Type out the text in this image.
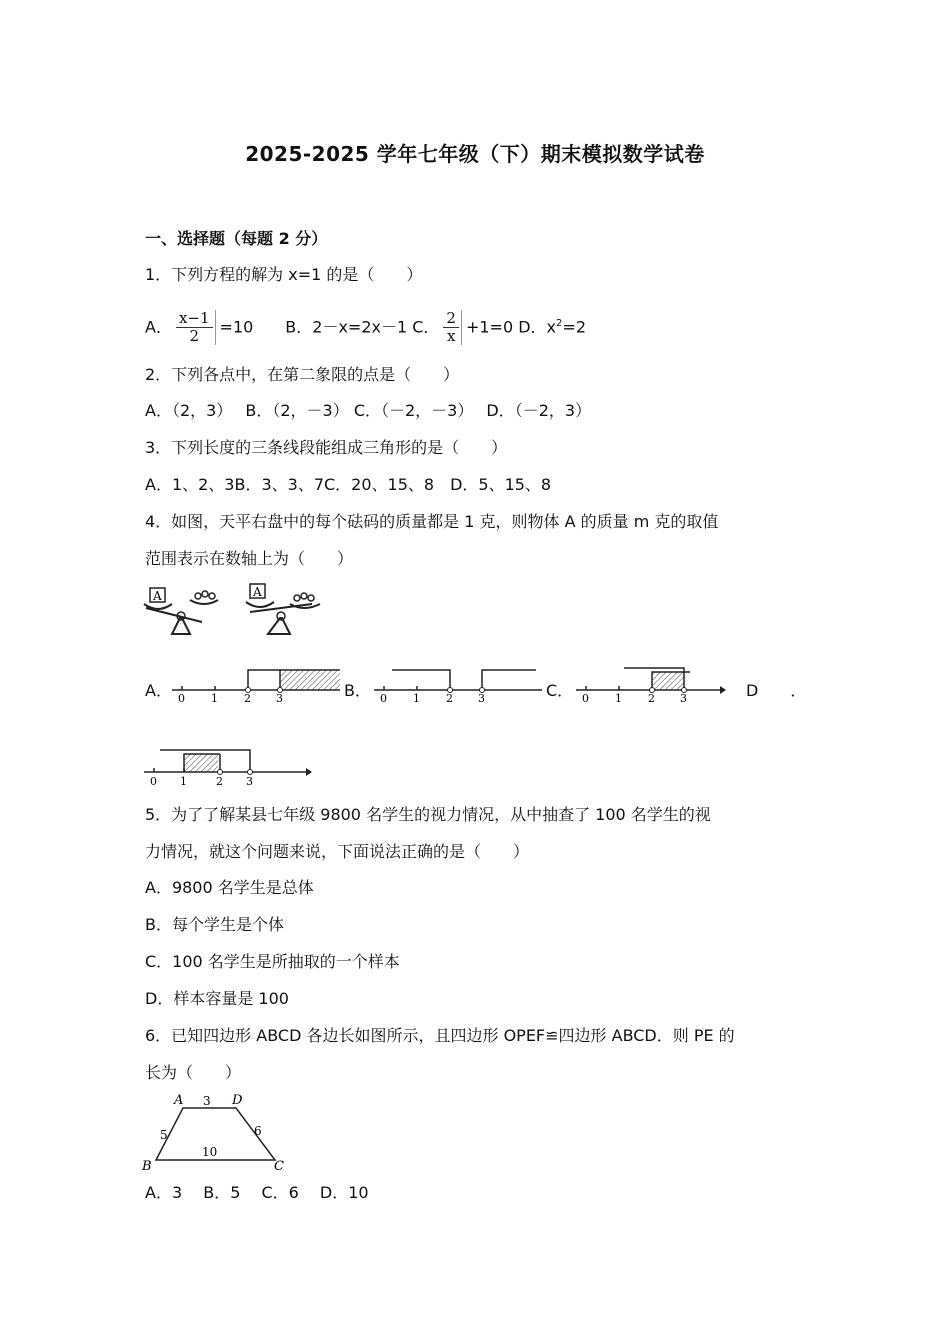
2025-2025 学年七年级（下）期末模拟数学试卷
一、选择题（每题 2 分）
1．下列方程的解为 x=1 的是（　　）
A． $\frac{x-1}{2} =10$　　B．2－x=2x－1 C． $\frac{2}{x} +1=0$ D．$x^2=2$
2．下列各点中，在第二象限的点是（　　）
A．（2，3）　 B．（2，－3） C．（－2，－3）　 D．（－2，3）
3．下列长度的三条线段能组成三角形的是（　　）
A．1、2、3B．3、3、7C．20、15、8　D．5、15、8
4．如图，天平右盘中的每个砝码的质量都是 1 克，则物体 A 的质量 m 克的取值
范围表示在数轴上为（　　）
A	A
A． 0 1 2 3	B． 0 1 2 3	C． 0 1 2 3	D　　．
0 1	2 3
5．为了了解某县七年级 9800 名学生的视力情况，从中抽查了 100 名学生的视
力情况，就这个问题来说，下面说法正确的是（　　）
A．9800 名学生是总体
B．每个学生是个体
C．100 名学生是所抽取的一个样本
D．样本容量是 100
6．已知四边形 ABCD 各边长如图所示，且四边形 OPEF≌四边形 ABCD．则 PE 的
长为（　　）
A	D
B	C
3
5	6
10
A．3　 B．5　 C．6　 D．10
